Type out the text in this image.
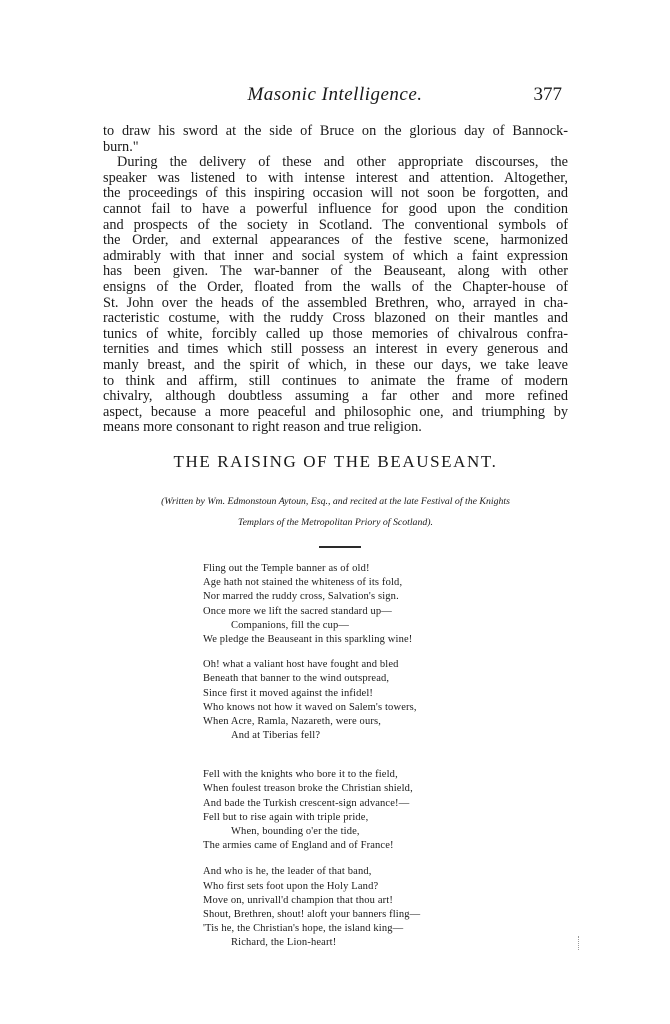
Masonic Intelligence.	377
to draw his sword at the side of Bruce on the glorious day of Bannock-
burn."
During the delivery of these and other appropriate discourses, the
speaker was listened to with intense interest and attention. Altogether,
the proceedings of this inspiring occasion will not soon be forgotten, and
cannot fail to have a powerful influence for good upon the condition
and prospects of the society in Scotland. The conventional symbols of
the Order, and external appearances of the festive scene, harmonized
admirably with that inner and social system of which a faint expression
has been given. The war-banner of the Beauseant, along with other
ensigns of the Order, floated from the walls of the Chapter-house of
St. John over the heads of the assembled Brethren, who, arrayed in cha-
racteristic costume, with the ruddy Cross blazoned on their mantles and
tunics of white, forcibly called up those memories of chivalrous confra-
ternities and times which still possess an interest in every generous and
manly breast, and the spirit of which, in these our days, we take leave
to think and affirm, still continues to animate the frame of modern
chivalry, although doubtless assuming a far other and more refined
aspect, because a more peaceful and philosophic one, and triumphing by
means more consonant to right reason and true religion.
THE RAISING OF THE BEAUSEANT.
(Written by Wm. Edmonstoun Aytoun, Esq., and recited at the late Festival of the Knights
Templars of the Metropolitan Priory of Scotland).
Fling out the Temple banner as of old!
Age hath not stained the whiteness of its fold,
Nor marred the ruddy cross, Salvation's sign.
Once more we lift the sacred standard up—
Companions, fill the cup—
We pledge the Beauseant in this sparkling wine!
Oh! what a valiant host have fought and bled
Beneath that banner to the wind outspread,
Since first it moved against the infidel!
Who knows not how it waved on Salem's towers,
When Acre, Ramla, Nazareth, were ours,
And at Tiberias fell?
Fell with the knights who bore it to the field,
When foulest treason broke the Christian shield,
And bade the Turkish crescent-sign advance!—
Fell but to rise again with triple pride,
When, bounding o'er the tide,
The armies came of England and of France!
And who is he, the leader of that band,
Who first sets foot upon the Holy Land?
Move on, unrivall'd champion that thou art!
Shout, Brethren, shout! aloft your banners fling—
'Tis he, the Christian's hope, the island king—
Richard, the Lion-heart!
